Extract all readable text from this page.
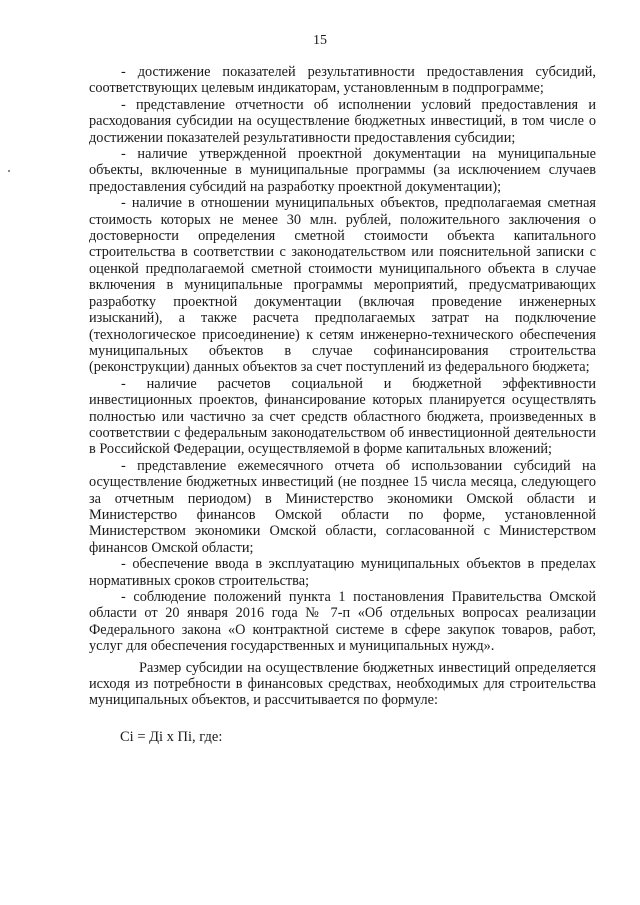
15

- достижение показателей результативности предоставления субсидий, соответствующих целевым индикаторам, установленным в подпрограмме;

- представление отчетности об исполнении условий предоставления и расходования субсидии на осуществление бюджетных инвестиций, в том числе о достижении показателей результативности предоставления субсидии;

- наличие утвержденной проектной документации на муниципальные объекты, включенные в муниципальные программы (за исключением случаев предоставления субсидий на разработку проектной документации);

- наличие в отношении муниципальных объектов, предполагаемая сметная стоимость которых не менее 30 млн. рублей, положительного заключения о достоверности определения сметной стоимости объекта капитального строительства в соответствии с законодательством или пояснительной записки с оценкой предполагаемой сметной стоимости муниципального объекта в случае включения в муниципальные программы мероприятий, предусматривающих разработку проектной документации (включая проведение инженерных изысканий), а также расчета предполагаемых затрат на подключение (технологическое присоединение) к сетям инженерно-технического обеспечения муниципальных объектов в случае софинансирования строительства (реконструкции) данных объектов за счет поступлений из федерального бюджета;

- наличие расчетов социальной и бюджетной эффективности инвестиционных проектов, финансирование которых планируется осуществлять полностью или частично за счет средств областного бюджета, произведенных в соответствии с федеральным законодательством об инвестиционной деятельности в Российской Федерации, осуществляемой в форме капитальных вложений;

- представление ежемесячного отчета об использовании субсидий на осуществление бюджетных инвестиций (не позднее 15 числа месяца, следующего за отчетным периодом) в Министерство экономики Омской области и Министерство финансов Омской области по форме, установленной Министерством экономики Омской области, согласованной с Министерством финансов Омской области;

- обеспечение ввода в эксплуатацию муниципальных объектов в пределах нормативных сроков строительства;

- соблюдение положений пункта 1 постановления Правительства Омской области от 20 января 2016 года № 7-п «Об отдельных вопросах реализации Федерального закона «О контрактной системе в сфере закупок товаров, работ, услуг для обеспечения государственных и муниципальных нужд».

Размер субсидии на осуществление бюджетных инвестиций определяется исходя из потребности в финансовых средствах, необходимых для строительства муниципальных объектов, и рассчитывается по формуле:

Сi = Дi x Пi, где:
